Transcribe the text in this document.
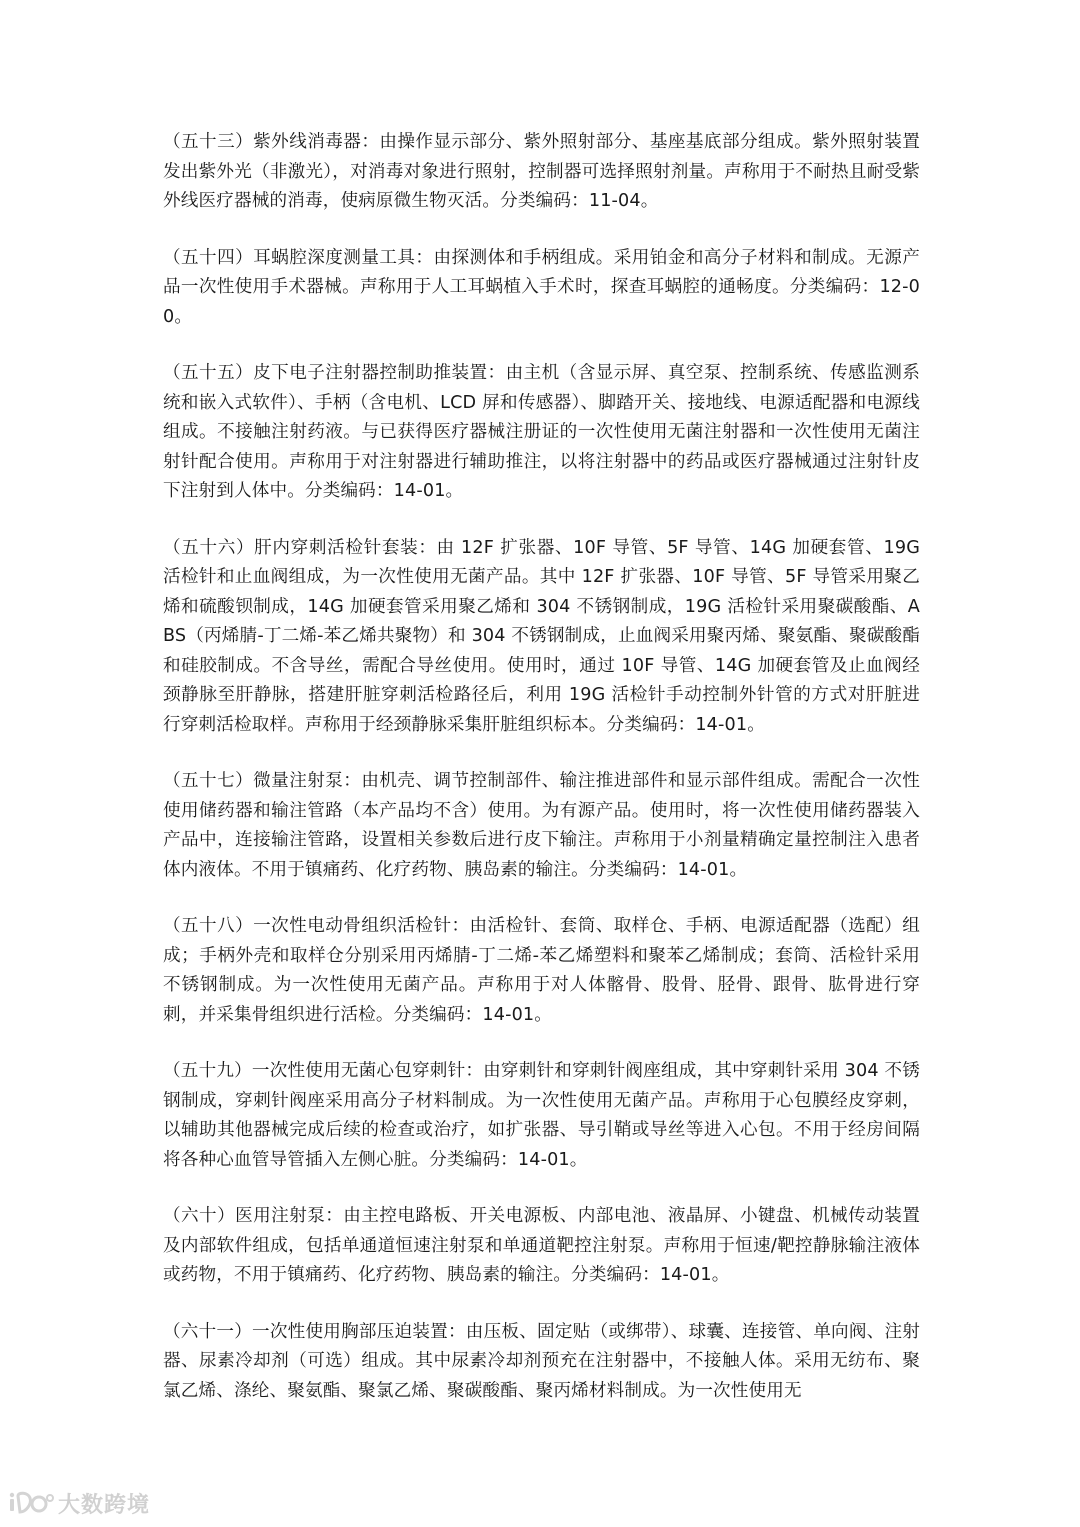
（五十三）紫外线消毒器：由操作显示部分、紫外照射部分、基座基底部分组成。紫外照射装置发出紫外光（非激光），对消毒对象进行照射，控制器可选择照射剂量。声称用于不耐热且耐受紫外线医疗器械的消毒，使病原微生物灭活。分类编码：11-04。

（五十四）耳蜗腔深度测量工具：由探测体和手柄组成。采用铂金和高分子材料和制成。无源产品一次性使用手术器械。声称用于人工耳蜗植入手术时，探查耳蜗腔的通畅度。分类编码：12-00。

（五十五）皮下电子注射器控制助推装置：由主机（含显示屏、真空泵、控制系统、传感监测系统和嵌入式软件）、手柄（含电机、LCD 屏和传感器）、脚踏开关、接地线、电源适配器和电源线组成。不接触注射药液。与已获得医疗器械注册证的一次性使用无菌注射器和一次性使用无菌注射针配合使用。声称用于对注射器进行辅助推注，以将注射器中的药品或医疗器械通过注射针皮下注射到人体中。分类编码：14-01。

（五十六）肝内穿刺活检针套装：由 12F 扩张器、10F 导管、5F 导管、14G 加硬套管、19G 活检针和止血阀组成，为一次性使用无菌产品。其中 12F 扩张器、10F 导管、5F 导管采用聚乙烯和硫酸钡制成，14G 加硬套管采用聚乙烯和 304 不锈钢制成，19G 活检针采用聚碳酸酯、ABS（丙烯腈-丁二烯-苯乙烯共聚物）和 304 不锈钢制成，止血阀采用聚丙烯、聚氨酯、聚碳酸酯和硅胶制成。不含导丝，需配合导丝使用。使用时，通过 10F 导管、14G 加硬套管及止血阀经颈静脉至肝静脉，搭建肝脏穿刺活检路径后，利用 19G 活检针手动控制外针管的方式对肝脏进行穿刺活检取样。声称用于经颈静脉采集肝脏组织标本。分类编码：14-01。

（五十七）微量注射泵：由机壳、调节控制部件、输注推进部件和显示部件组成。需配合一次性使用储药器和输注管路（本产品均不含）使用。为有源产品。使用时，将一次性使用储药器装入产品中，连接输注管路，设置相关参数后进行皮下输注。声称用于小剂量精确定量控制注入患者体内液体。不用于镇痛药、化疗药物、胰岛素的输注。分类编码：14-01。

（五十八）一次性电动骨组织活检针：由活检针、套筒、取样仓、手柄、电源适配器（选配）组成；手柄外壳和取样仓分别采用丙烯腈-丁二烯-苯乙烯塑料和聚苯乙烯制成；套筒、活检针采用不锈钢制成。为一次性使用无菌产品。声称用于对人体髂骨、股骨、胫骨、跟骨、肱骨进行穿刺，并采集骨组织进行活检。分类编码：14-01。

（五十九）一次性使用无菌心包穿刺针：由穿刺针和穿刺针阀座组成，其中穿刺针采用 304 不锈钢制成，穿刺针阀座采用高分子材料制成。为一次性使用无菌产品。声称用于心包膜经皮穿刺，以辅助其他器械完成后续的检查或治疗，如扩张器、导引鞘或导丝等进入心包。不用于经房间隔将各种心血管导管插入左侧心脏。分类编码：14-01。

（六十）医用注射泵：由主控电路板、开关电源板、内部电池、液晶屏、小键盘、机械传动装置及内部软件组成，包括单通道恒速注射泵和单通道靶控注射泵。声称用于恒速/靶控静脉输注液体或药物，不用于镇痛药、化疗药物、胰岛素的输注。分类编码：14-01。

（六十一）一次性使用胸部压迫装置：由压板、固定贴（或绑带）、球囊、连接管、单向阀、注射器、尿素冷却剂（可选）组成。其中尿素冷却剂预充在注射器中，不接触人体。采用无纺布、聚氯乙烯、涤纶、聚氨酯、聚氯乙烯、聚碳酸酯、聚丙烯材料制成。为一次性使用无

大数跨境
